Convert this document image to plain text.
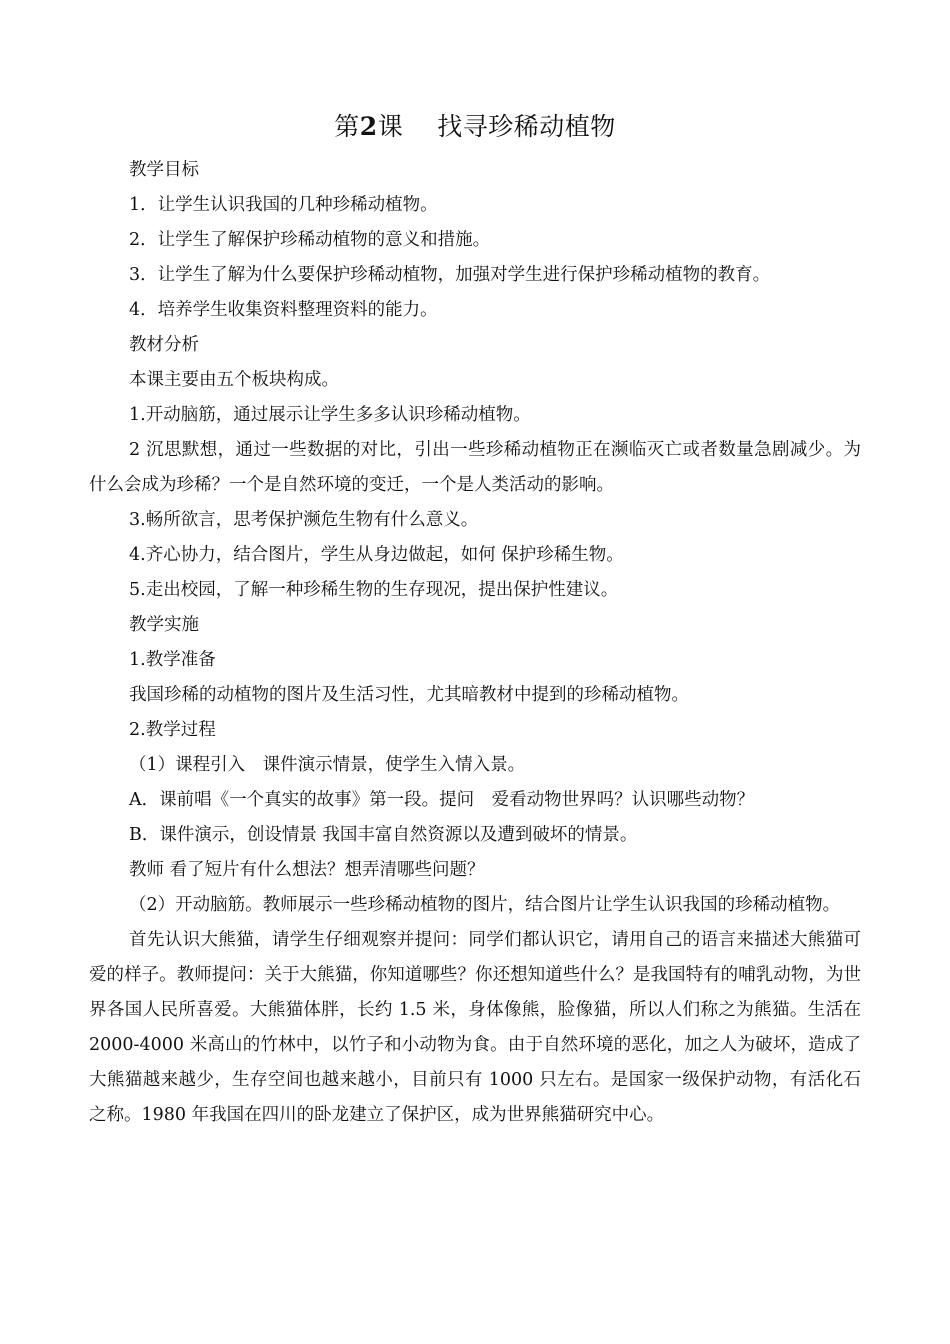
第2课 找寻珍稀动植物

教学目标

1．让学生认识我国的几种珍稀动植物。

2．让学生了解保护珍稀动植物的意义和措施。

3．让学生了解为什么要保护珍稀动植物，加强对学生进行保护珍稀动植物的教育。

4．培养学生收集资料整理资料的能力。

教材分析

本课主要由五个板块构成。

1.开动脑筋，通过展示让学生多多认识珍稀动植物。

2 沉思默想，通过一些数据的对比，引出一些珍稀动植物正在濒临灭亡或者数量急剧减少。为什么会成为珍稀？一个是自然环境的变迁，一个是人类活动的影响。

3.畅所欲言，思考保护濒危生物有什么意义。

4.齐心协力，结合图片，学生从身边做起，如何 保护珍稀生物。

5.走出校园，了解一种珍稀生物的生存现况，提出保护性建议。

教学实施

1.教学准备

我国珍稀的动植物的图片及生活习性，尤其暗教材中提到的珍稀动植物。

2.教学过程

（1）课程引入　课件演示情景，使学生入情入景。

A．课前唱《一个真实的故事》第一段。提问　爱看动物世界吗？认识哪些动物？

B．课件演示，创设情景 我国丰富自然资源以及遭到破坏的情景。

教师 看了短片有什么想法？想弄清哪些问题？

（2）开动脑筋。教师展示一些珍稀动植物的图片，结合图片让学生认识我国的珍稀动植物。

首先认识大熊猫，请学生仔细观察并提问：同学们都认识它，请用自己的语言来描述大熊猫可爱的样子。教师提问：关于大熊猫，你知道哪些？你还想知道些什么？是我国特有的哺乳动物，为世界各国人民所喜爱。大熊猫体胖，长约 1.5 米，身体像熊，脸像猫，所以人们称之为熊猫。生活在 2000-4000 米高山的竹林中，以竹子和小动物为食。由于自然环境的恶化，加之人为破坏，造成了大熊猫越来越少，生存空间也越来越小，目前只有 1000 只左右。是国家一级保护动物，有活化石之称。1980 年我国在四川的卧龙建立了保护区，成为世界熊猫研究中心。
